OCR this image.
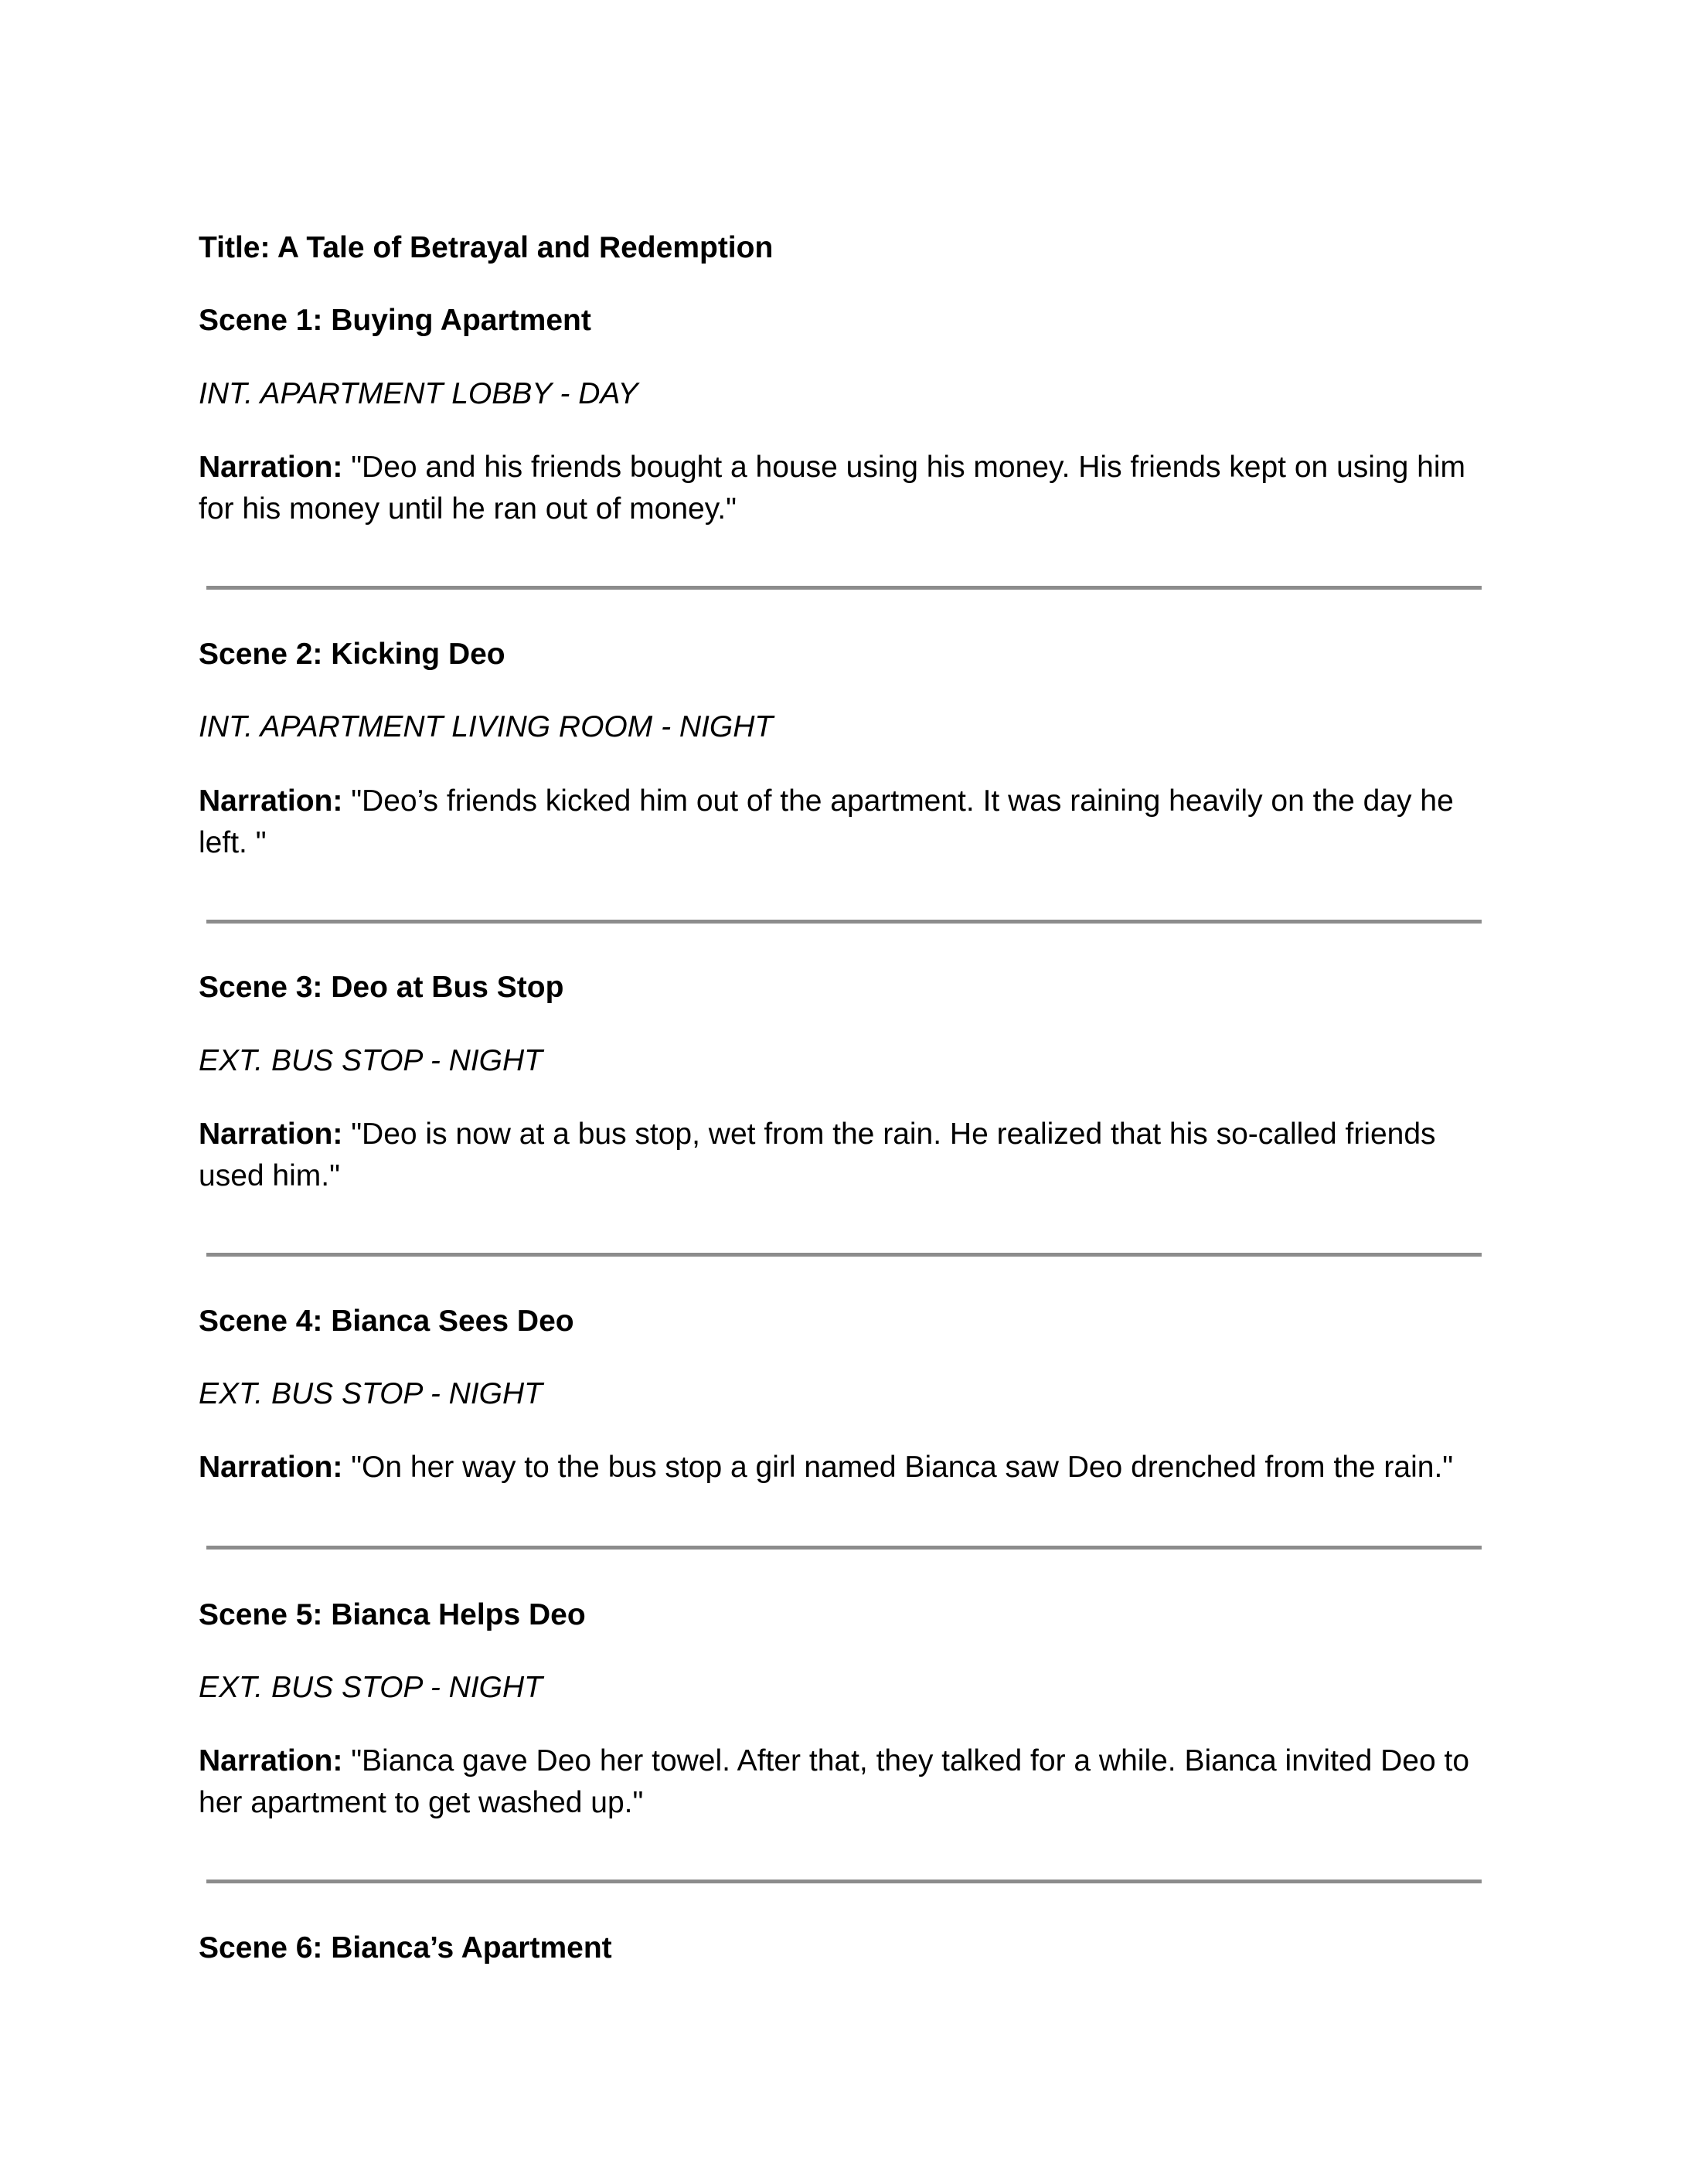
Title: A Tale of Betrayal and Redemption
Scene 1: Buying Apartment
INT. APARTMENT LOBBY - DAY
Narration: "Deo and his friends bought a house using his money. His friends kept on using him for his money until he ran out of money."
Scene 2: Kicking Deo
INT. APARTMENT LIVING ROOM - NIGHT
Narration: "Deo’s friends kicked him out of the apartment. It was raining heavily on the day he left. "
Scene 3: Deo at Bus Stop
EXT. BUS STOP - NIGHT
Narration: "Deo is now at a bus stop, wet from the rain. He realized that his so-called friends used him."
Scene 4: Bianca Sees Deo
EXT. BUS STOP - NIGHT
Narration: "On her way to the bus stop a girl named Bianca saw Deo drenched from the rain."
Scene 5: Bianca Helps Deo
EXT. BUS STOP - NIGHT
Narration: "Bianca gave Deo her towel. After that, they talked for a while. Bianca invited Deo to her apartment to get washed up."
Scene 6: Bianca’s Apartment
